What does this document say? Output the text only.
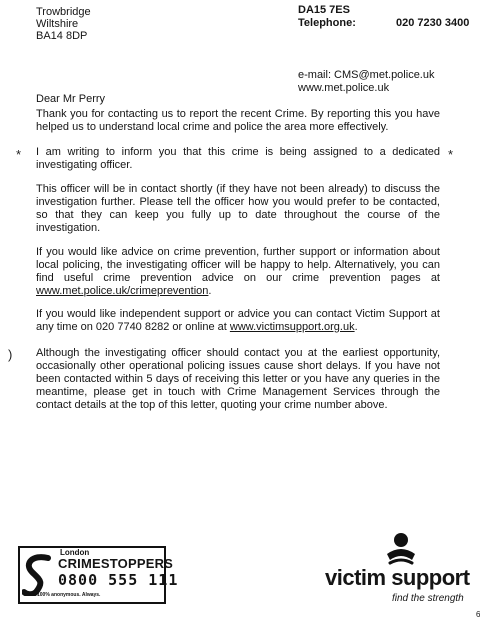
Trowbridge
Wiltshire
BA14 8DP
DA15 7ES
Telephone:	020 7230 3400
e-mail: CMS@met.police.uk
www.met.police.uk
Dear Mr Perry
Thank you for contacting us to report the recent Crime. By reporting this you have helped us to understand local crime and police the area more effectively.
I am writing to inform you that this crime is being assigned to a dedicated investigating officer.
This officer will be in contact shortly (if they have not been already) to discuss the investigation further. Please tell the officer how you would prefer to be contacted, so that they can keep you fully up to date throughout the course of the investigation.
If you would like advice on crime prevention, further support or information about local policing, the investigating officer will be happy to help. Alternatively, you can find useful crime prevention advice on our crime prevention pages at www.met.police.uk/crimeprevention.
If you would like independent support or advice you can contact Victim Support at any time on 020 7740 8282 or online at www.victimsupport.org.uk.
Although the investigating officer should contact you at the earliest opportunity, occasionally other operational policing issues cause short delays. If you have not been contacted within 5 days of receiving this letter or you have any queries in the meantime, please get in touch with Crime Management Services through the contact details at the top of this letter, quoting your crime number above.
*	*
)
London
CRIMESTOPPERS
0800 555 111
100% anonymous. Always.
victim support
find the strength
6
